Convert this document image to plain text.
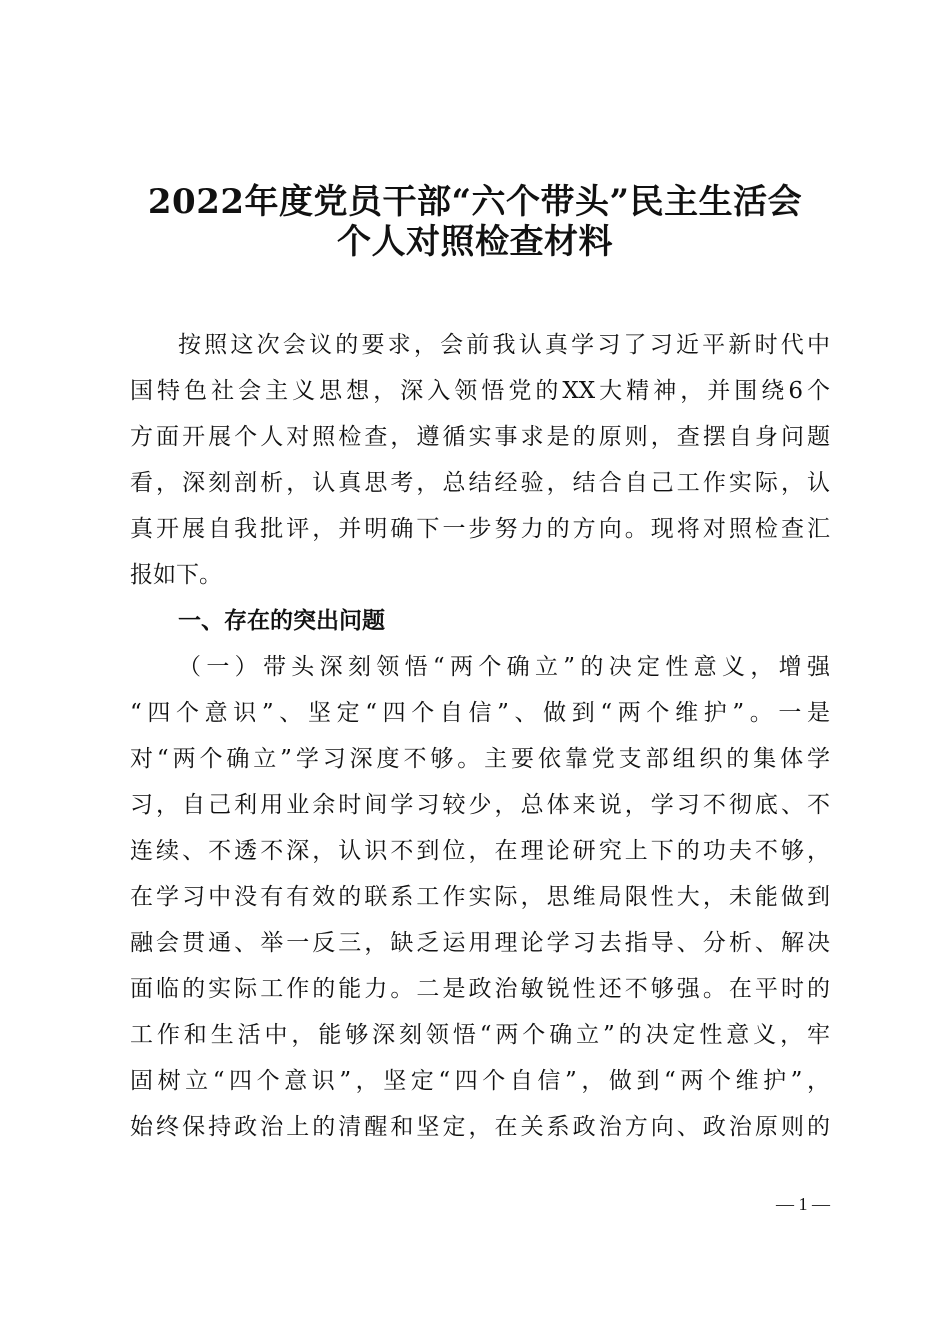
2022年度党员干部“六个带头”民主生活会
个人对照检查材料
按照这次会议的要求，会前我认真学习了习近平新时代中
国特色社会主义思想，深入领悟党的XX大精神，并围绕6个
方面开展个人对照检查，遵循实事求是的原则，查摆自身问题
看，深刻剖析，认真思考，总结经验，结合自己工作实际，认
真开展自我批评，并明确下一步努力的方向。现将对照检查汇
报如下。
一、存在的突出问题
（一）带头深刻领悟“两个确立”的决定性意义，增强
“四个意识”、坚定“四个自信”、做到“两个维护”。一是
对“两个确立”学习深度不够。主要依靠党支部组织的集体学
习，自己利用业余时间学习较少，总体来说，学习不彻底、不
连续、不透不深，认识不到位，在理论研究上下的功夫不够，
在学习中没有有效的联系工作实际，思维局限性大，未能做到
融会贯通、举一反三，缺乏运用理论学习去指导、分析、解决
面临的实际工作的能力。二是政治敏锐性还不够强。在平时的
工作和生活中，能够深刻领悟“两个确立”的决定性意义，牢
固树立“四个意识”，坚定“四个自信”，做到“两个维护”，
始终保持政治上的清醒和坚定，在关系政治方向、政治原则的
— 1 —
